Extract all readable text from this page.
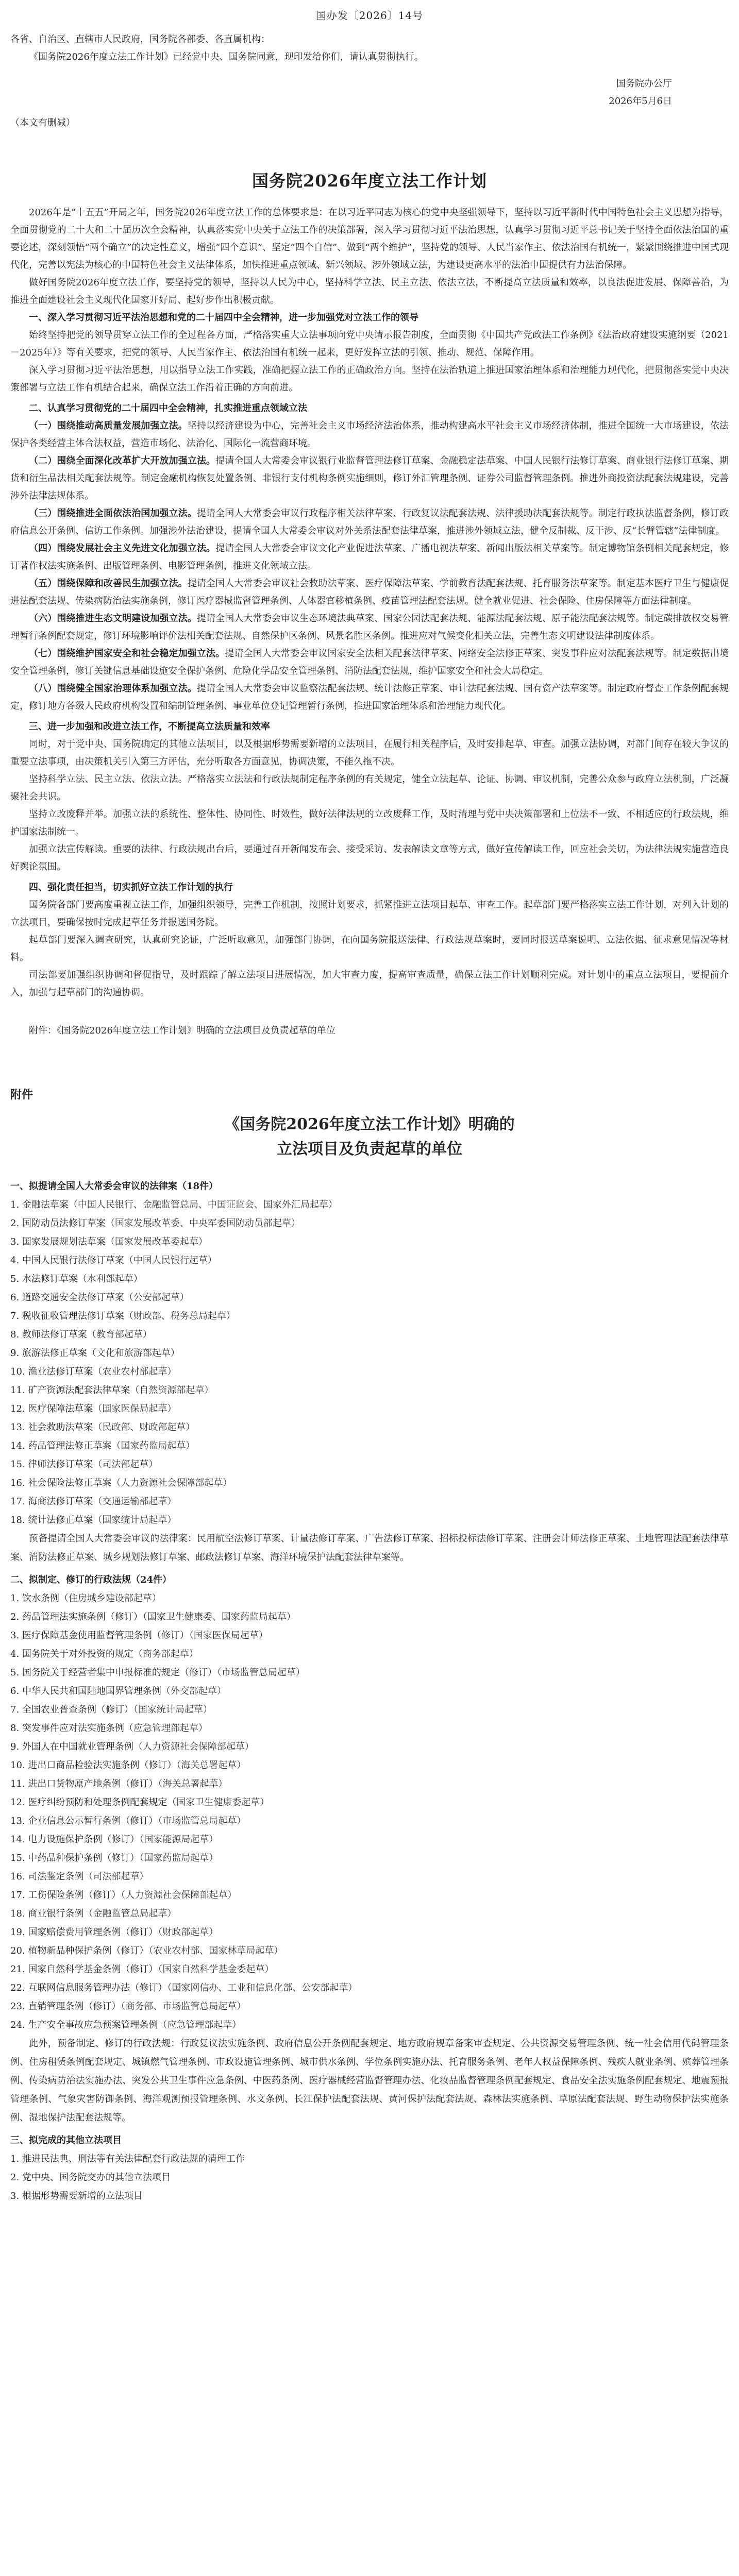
国办发〔2026〕14号
各省、自治区、直辖市人民政府，国务院各部委、各直属机构：
《国务院2026年度立法工作计划》已经党中央、国务院同意，现印发给你们，请认真贯彻执行。
国务院办公厅
2026年5月6日
（本文有删减）
国务院2026年度立法工作计划

2026年是“十五五”开局之年，国务院2026年度立法工作的总体要求是：在以习近平同志为核心的党中央坚强领导下，坚持以习近平新时代中国特色社会主义思想为指导，全面贯彻党的二十大和二十届历次全会精神，认真落实党中央关于立法工作的决策部署，深入学习贯彻习近平法治思想，认真学习贯彻习近平总书记关于坚持全面依法治国的重要论述，深刻领悟“两个确立”的决定性意义，增强“四个意识”、坚定“四个自信”、做到“两个维护”，坚持党的领导、人民当家作主、依法治国有机统一，紧紧围绕推进中国式现代化，完善以宪法为核心的中国特色社会主义法律体系，加快推进重点领域、新兴领域、涉外领域立法，为建设更高水平的法治中国提供有力法治保障。

做好国务院2026年度立法工作，要坚持党的领导，坚持以人民为中心，坚持科学立法、民主立法、依法立法，不断提高立法质量和效率，以良法促进发展、保障善治，为推进全面建设社会主义现代化国家开好局、起好步作出积极贡献。

一、深入学习贯彻习近平法治思想和党的二十届四中全会精神，进一步加强党对立法工作的领导

始终坚持把党的领导贯穿立法工作的全过程各方面，严格落实重大立法事项向党中央请示报告制度，全面贯彻《中国共产党政法工作条例》《法治政府建设实施纲要（2021－2025年）》等有关要求，把党的领导、人民当家作主、依法治国有机统一起来，更好发挥立法的引领、推动、规范、保障作用。

深入学习贯彻习近平法治思想，用以指导立法工作实践，准确把握立法工作的正确政治方向。坚持在法治轨道上推进国家治理体系和治理能力现代化，把贯彻落实党中央决策部署与立法工作有机结合起来，确保立法工作沿着正确的方向前进。

二、认真学习贯彻党的二十届四中全会精神，扎实推进重点领域立法

（一）围绕推动高质量发展加强立法。坚持以经济建设为中心，完善社会主义市场经济法治体系，推动构建高水平社会主义市场经济体制，推进全国统一大市场建设，依法保护各类经营主体合法权益，营造市场化、法治化、国际化一流营商环境。

（二）围绕全面深化改革扩大开放加强立法。提请全国人大常委会审议银行业监督管理法修订草案、金融稳定法草案、中国人民银行法修订草案、商业银行法修订草案、期货和衍生品法相关配套法规等。制定金融机构恢复处置条例、非银行支付机构条例实施细则，修订外汇管理条例、证券公司监督管理条例。推进外商投资法配套法规建设，完善涉外法律法规体系。

（三）围绕推进全面依法治国加强立法。提请全国人大常委会审议行政程序相关法律草案、行政复议法配套法规、法律援助法配套法规等。制定行政执法监督条例，修订政府信息公开条例、信访工作条例。加强涉外法治建设，提请全国人大常委会审议对外关系法配套法律草案，推进涉外领域立法，健全反制裁、反干涉、反“长臂管辖”法律制度。

（四）围绕发展社会主义先进文化加强立法。提请全国人大常委会审议文化产业促进法草案、广播电视法草案、新闻出版法相关草案等。制定博物馆条例相关配套规定，修订著作权法实施条例、出版管理条例、电影管理条例，推进文化领域立法。

（五）围绕保障和改善民生加强立法。提请全国人大常委会审议社会救助法草案、医疗保障法草案、学前教育法配套法规、托育服务法草案等。制定基本医疗卫生与健康促进法配套法规、传染病防治法实施条例，修订医疗器械监督管理条例、人体器官移植条例、疫苗管理法配套法规。健全就业促进、社会保险、住房保障等方面法律制度。

（六）围绕推进生态文明建设加强立法。提请全国人大常委会审议生态环境法典草案、国家公园法配套法规、能源法配套法规、原子能法配套法规等。制定碳排放权交易管理暂行条例配套规定，修订环境影响评价法相关配套法规、自然保护区条例、风景名胜区条例。推进应对气候变化相关立法，完善生态文明建设法律制度体系。

（七）围绕维护国家安全和社会稳定加强立法。提请全国人大常委会审议国家安全法相关配套法律草案、网络安全法修正草案、突发事件应对法配套法规等。制定数据出境安全管理条例，修订关键信息基础设施安全保护条例、危险化学品安全管理条例、消防法配套法规，维护国家安全和社会大局稳定。

（八）围绕健全国家治理体系加强立法。提请全国人大常委会审议监察法配套法规、统计法修正草案、审计法配套法规、国有资产法草案等。制定政府督查工作条例配套规定，修订地方各级人民政府机构设置和编制管理条例、事业单位登记管理暂行条例，推进国家治理体系和治理能力现代化。

三、进一步加强和改进立法工作，不断提高立法质量和效率

同时，对于党中央、国务院确定的其他立法项目，以及根据形势需要新增的立法项目，在履行相关程序后，及时安排起草、审查。加强立法协调，对部门间存在较大争议的重要立法事项，由决策机关引入第三方评估，充分听取各方面意见，协调决策，不能久拖不决。

坚持科学立法、民主立法、依法立法。严格落实立法法和行政法规制定程序条例的有关规定，健全立法起草、论证、协调、审议机制，完善公众参与政府立法机制，广泛凝聚社会共识。

坚持立改废释并举。加强立法的系统性、整体性、协同性、时效性，做好法律法规的立改废释工作，及时清理与党中央决策部署和上位法不一致、不相适应的行政法规，维护国家法制统一。

加强立法宣传解读。重要的法律、行政法规出台后，要通过召开新闻发布会、接受采访、发表解读文章等方式，做好宣传解读工作，回应社会关切，为法律法规实施营造良好舆论氛围。

四、强化责任担当，切实抓好立法工作计划的执行

国务院各部门要高度重视立法工作，加强组织领导，完善工作机制，按照计划要求，抓紧推进立法项目起草、审查工作。起草部门要严格落实立法工作计划，对列入计划的立法项目，要确保按时完成起草任务并报送国务院。

起草部门要深入调查研究，认真研究论证，广泛听取意见，加强部门协调，在向国务院报送法律、行政法规草案时，要同时报送草案说明、立法依据、征求意见情况等材料。

司法部要加强组织协调和督促指导，及时跟踪了解立法项目进展情况，加大审查力度，提高审查质量，确保立法工作计划顺利完成。对计划中的重点立法项目，要提前介入，加强与起草部门的沟通协调。

附件：《国务院2026年度立法工作计划》明确的立法项目及负责起草的单位
附件
《国务院2026年度立法工作计划》明确的
立法项目及负责起草的单位
一、拟提请全国人大常委会审议的法律案（18件）
1. 金融法草案（中国人民银行、金融监管总局、中国证监会、国家外汇局起草）
2. 国防动员法修订草案（国家发展改革委、中央军委国防动员部起草）
3. 国家发展规划法草案（国家发展改革委起草）
4. 中国人民银行法修订草案（中国人民银行起草）
5. 水法修订草案（水利部起草）
6. 道路交通安全法修订草案（公安部起草）
7. 税收征收管理法修订草案（财政部、税务总局起草）
8. 教师法修订草案（教育部起草）
9. 旅游法修正草案（文化和旅游部起草）
10. 渔业法修订草案（农业农村部起草）
11. 矿产资源法配套法律草案（自然资源部起草）
12. 医疗保障法草案（国家医保局起草）
13. 社会救助法草案（民政部、财政部起草）
14. 药品管理法修正草案（国家药监局起草）
15. 律师法修订草案（司法部起草）
16. 社会保险法修正草案（人力资源社会保障部起草）
17. 海商法修订草案（交通运输部起草）
18. 统计法修正草案（国家统计局起草）
预备提请全国人大常委会审议的法律案：民用航空法修订草案、计量法修订草案、广告法修订草案、招标投标法修订草案、注册会计师法修正草案、土地管理法配套法律草案、消防法修正草案、城乡规划法修订草案、邮政法修订草案、海洋环境保护法配套法律草案等。
二、拟制定、修订的行政法规（24件）
1. 饮水条例（住房城乡建设部起草）
2. 药品管理法实施条例（修订）（国家卫生健康委、国家药监局起草）
3. 医疗保障基金使用监督管理条例（修订）（国家医保局起草）
4. 国务院关于对外投资的规定（商务部起草）
5. 国务院关于经营者集中申报标准的规定（修订）（市场监管总局起草）
6. 中华人民共和国陆地国界管理条例（外交部起草）
7. 全国农业普查条例（修订）（国家统计局起草）
8. 突发事件应对法实施条例（应急管理部起草）
9. 外国人在中国就业管理条例（人力资源社会保障部起草）
10. 进出口商品检验法实施条例（修订）（海关总署起草）
11. 进出口货物原产地条例（修订）（海关总署起草）
12. 医疗纠纷预防和处理条例配套规定（国家卫生健康委起草）
13. 企业信息公示暂行条例（修订）（市场监管总局起草）
14. 电力设施保护条例（修订）（国家能源局起草）
15. 中药品种保护条例（修订）（国家药监局起草）
16. 司法鉴定条例（司法部起草）
17. 工伤保险条例（修订）（人力资源社会保障部起草）
18. 商业银行条例（金融监管总局起草）
19. 国家赔偿费用管理条例（修订）（财政部起草）
20. 植物新品种保护条例（修订）（农业农村部、国家林草局起草）
21. 国家自然科学基金条例（修订）（国家自然科学基金委起草）
22. 互联网信息服务管理办法（修订）（国家网信办、工业和信息化部、公安部起草）
23. 直销管理条例（修订）（商务部、市场监管总局起草）
24. 生产安全事故应急预案管理条例（应急管理部起草）
此外，预备制定、修订的行政法规：行政复议法实施条例、政府信息公开条例配套规定、地方政府规章备案审查规定、公共资源交易管理条例、统一社会信用代码管理条例、住房租赁条例配套规定、城镇燃气管理条例、市政设施管理条例、城市供水条例、学位条例实施办法、托育服务条例、老年人权益保障条例、残疾人就业条例、殡葬管理条例、传染病防治法实施办法、突发公共卫生事件应急条例、中医药条例、医疗器械经营监督管理办法、化妆品监督管理条例配套规定、食品安全法实施条例配套规定、地震预报管理条例、气象灾害防御条例、海洋观测预报管理条例、水文条例、长江保护法配套法规、黄河保护法配套法规、森林法实施条例、草原法配套法规、野生动物保护法实施条例、湿地保护法配套法规等。
三、拟完成的其他立法项目
1. 推进民法典、刑法等有关法律配套行政法规的清理工作
2. 党中央、国务院交办的其他立法项目
3. 根据形势需要新增的立法项目
